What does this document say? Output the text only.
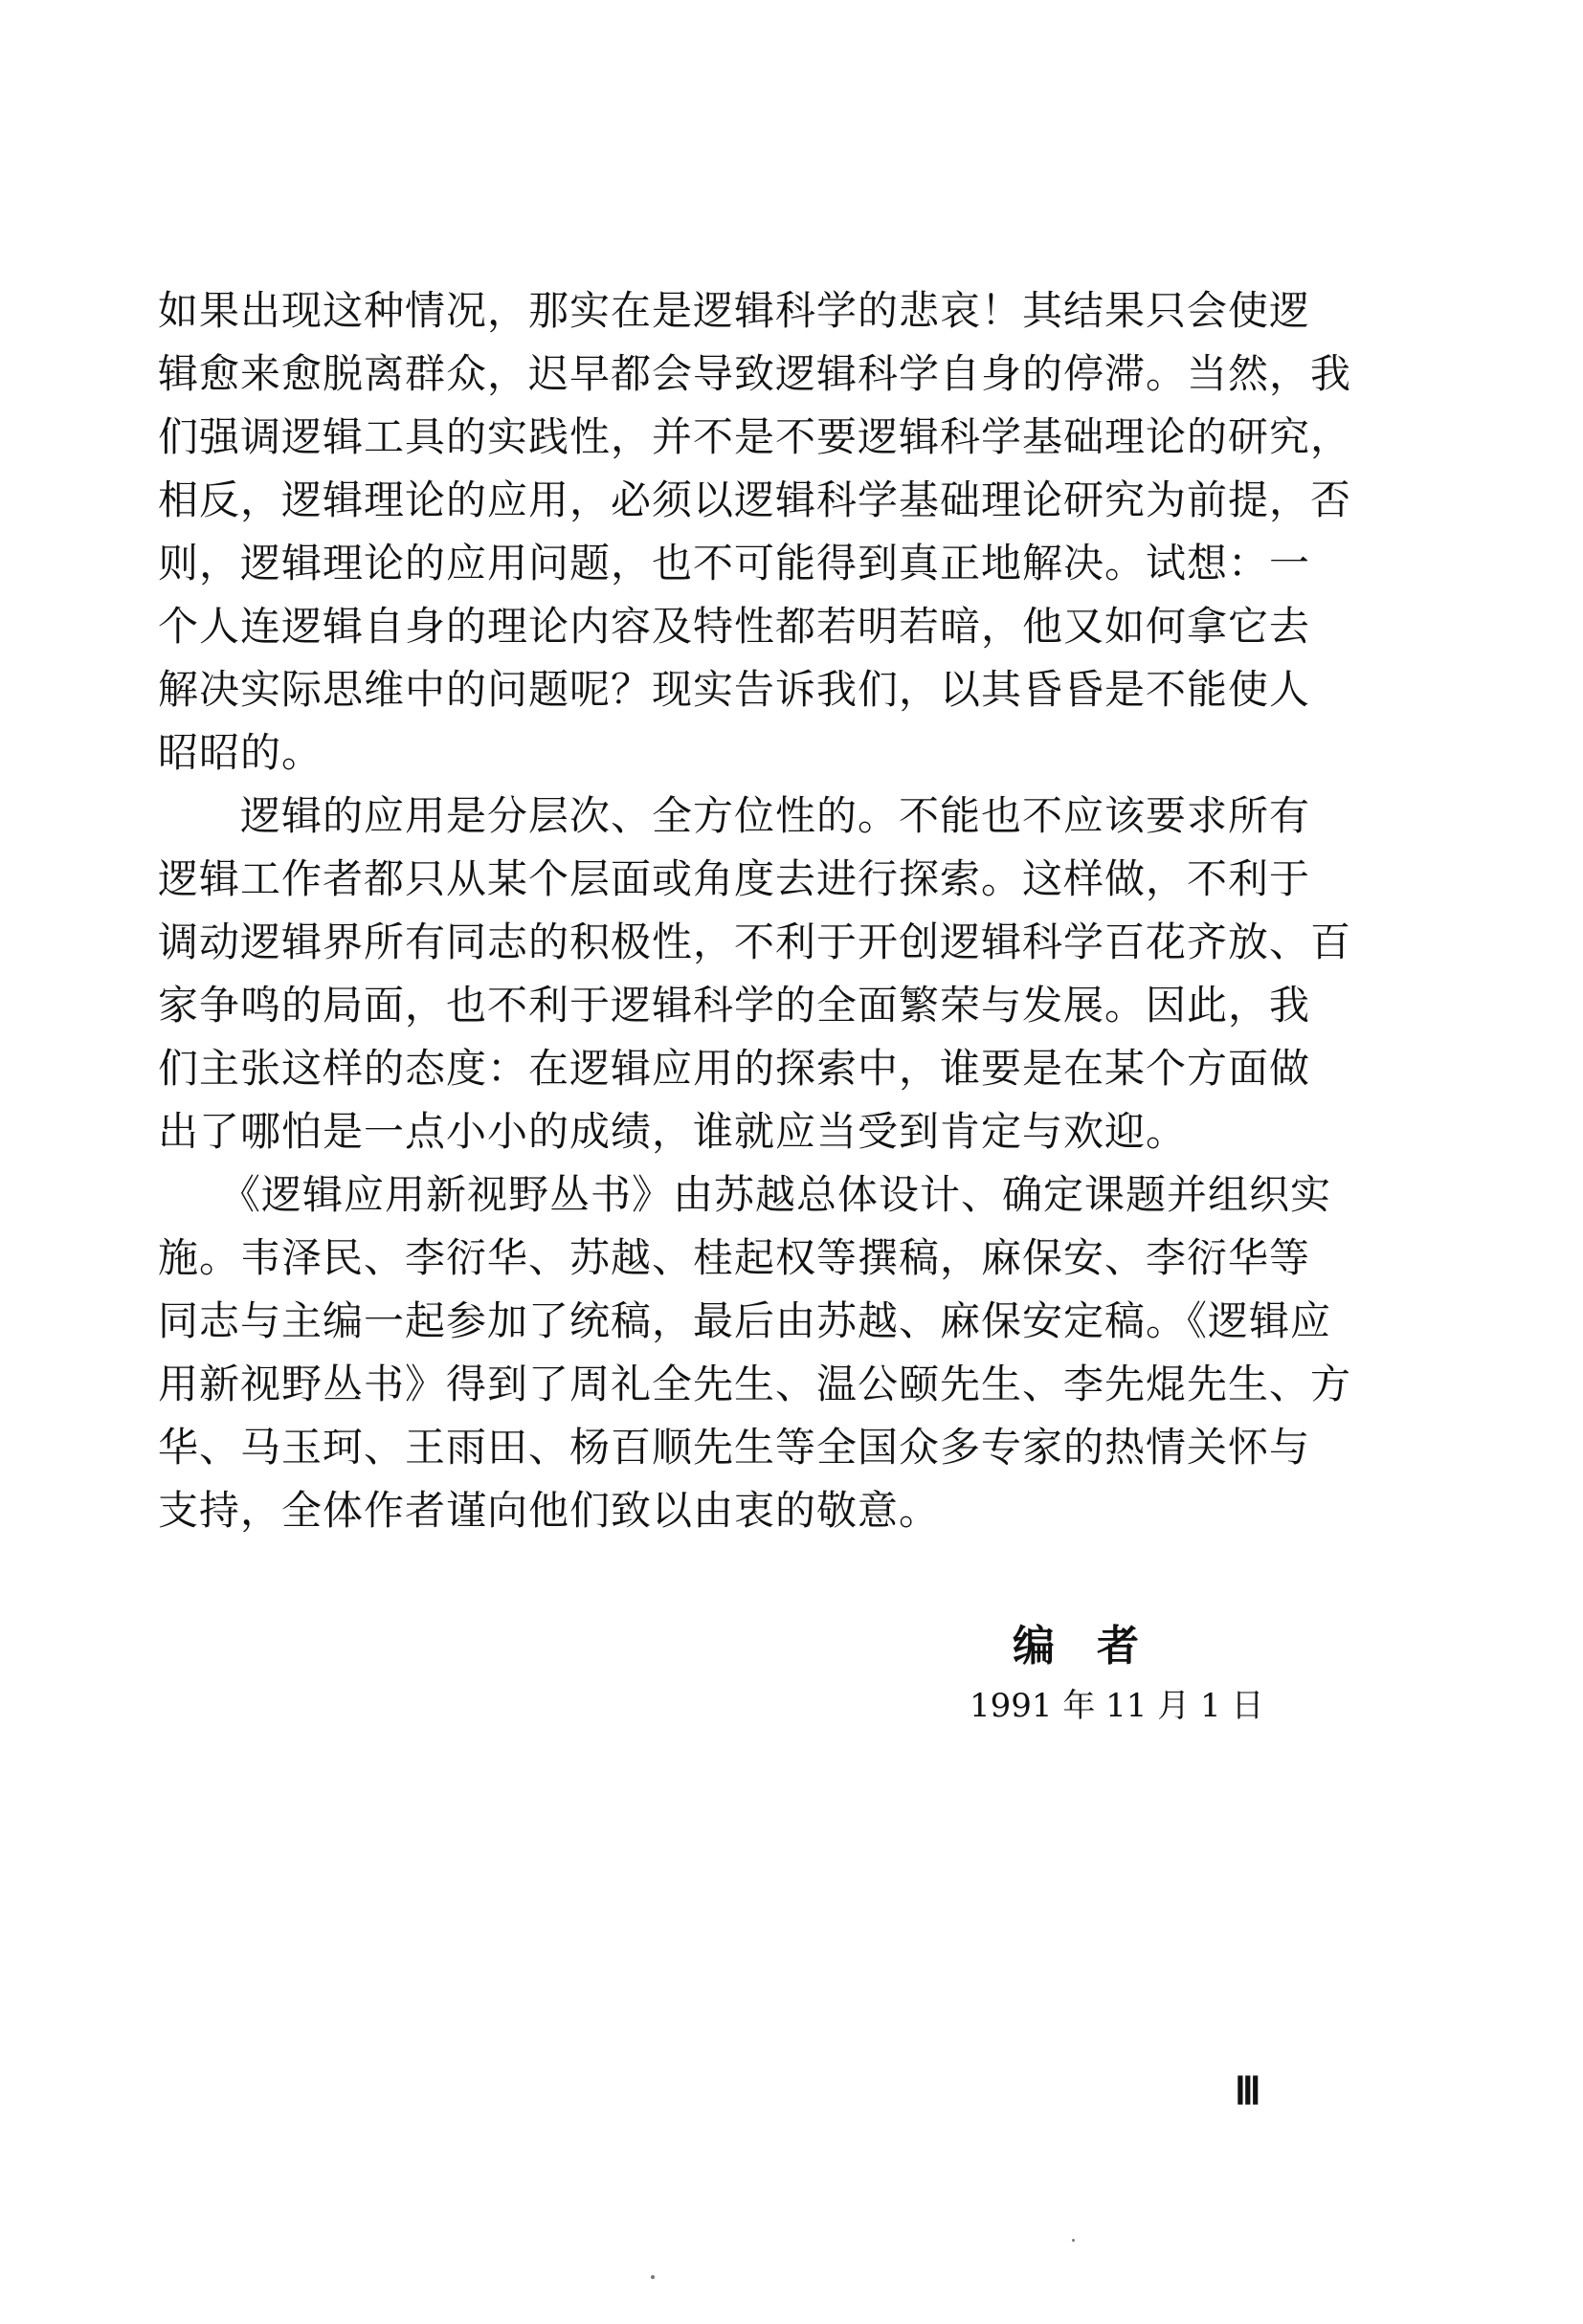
如果出现这种情况，那实在是逻辑科学的悲哀！其结果只会使逻
辑愈来愈脱离群众，迟早都会导致逻辑科学自身的停滞。当然，我
们强调逻辑工具的实践性，并不是不要逻辑科学基础理论的研究，
相反，逻辑理论的应用，必须以逻辑科学基础理论研究为前提，否
则，逻辑理论的应用问题，也不可能得到真正地解决。试想：一
个人连逻辑自身的理论内容及特性都若明若暗，他又如何拿它去
解决实际思维中的问题呢？现实告诉我们，以其昏昏是不能使人
昭昭的。
　　逻辑的应用是分层次、全方位性的。不能也不应该要求所有
逻辑工作者都只从某个层面或角度去进行探索。这样做，不利于
调动逻辑界所有同志的积极性，不利于开创逻辑科学百花齐放、百
家争鸣的局面，也不利于逻辑科学的全面繁荣与发展。因此，我
们主张这样的态度：在逻辑应用的探索中，谁要是在某个方面做
出了哪怕是一点小小的成绩，谁就应当受到肯定与欢迎。
　　《逻辑应用新视野丛书》由苏越总体设计、确定课题并组织实
施。韦泽民、李衍华、苏越、桂起权等撰稿，麻保安、李衍华等
同志与主编一起参加了统稿，最后由苏越、麻保安定稿。《逻辑应
用新视野丛书》得到了周礼全先生、温公颐先生、李先焜先生、方
华、马玉珂、王雨田、杨百顺先生等全国众多专家的热情关怀与
支持，全体作者谨向他们致以由衷的敬意。
编者
1991 年 11 月 1 日
Ⅲ
